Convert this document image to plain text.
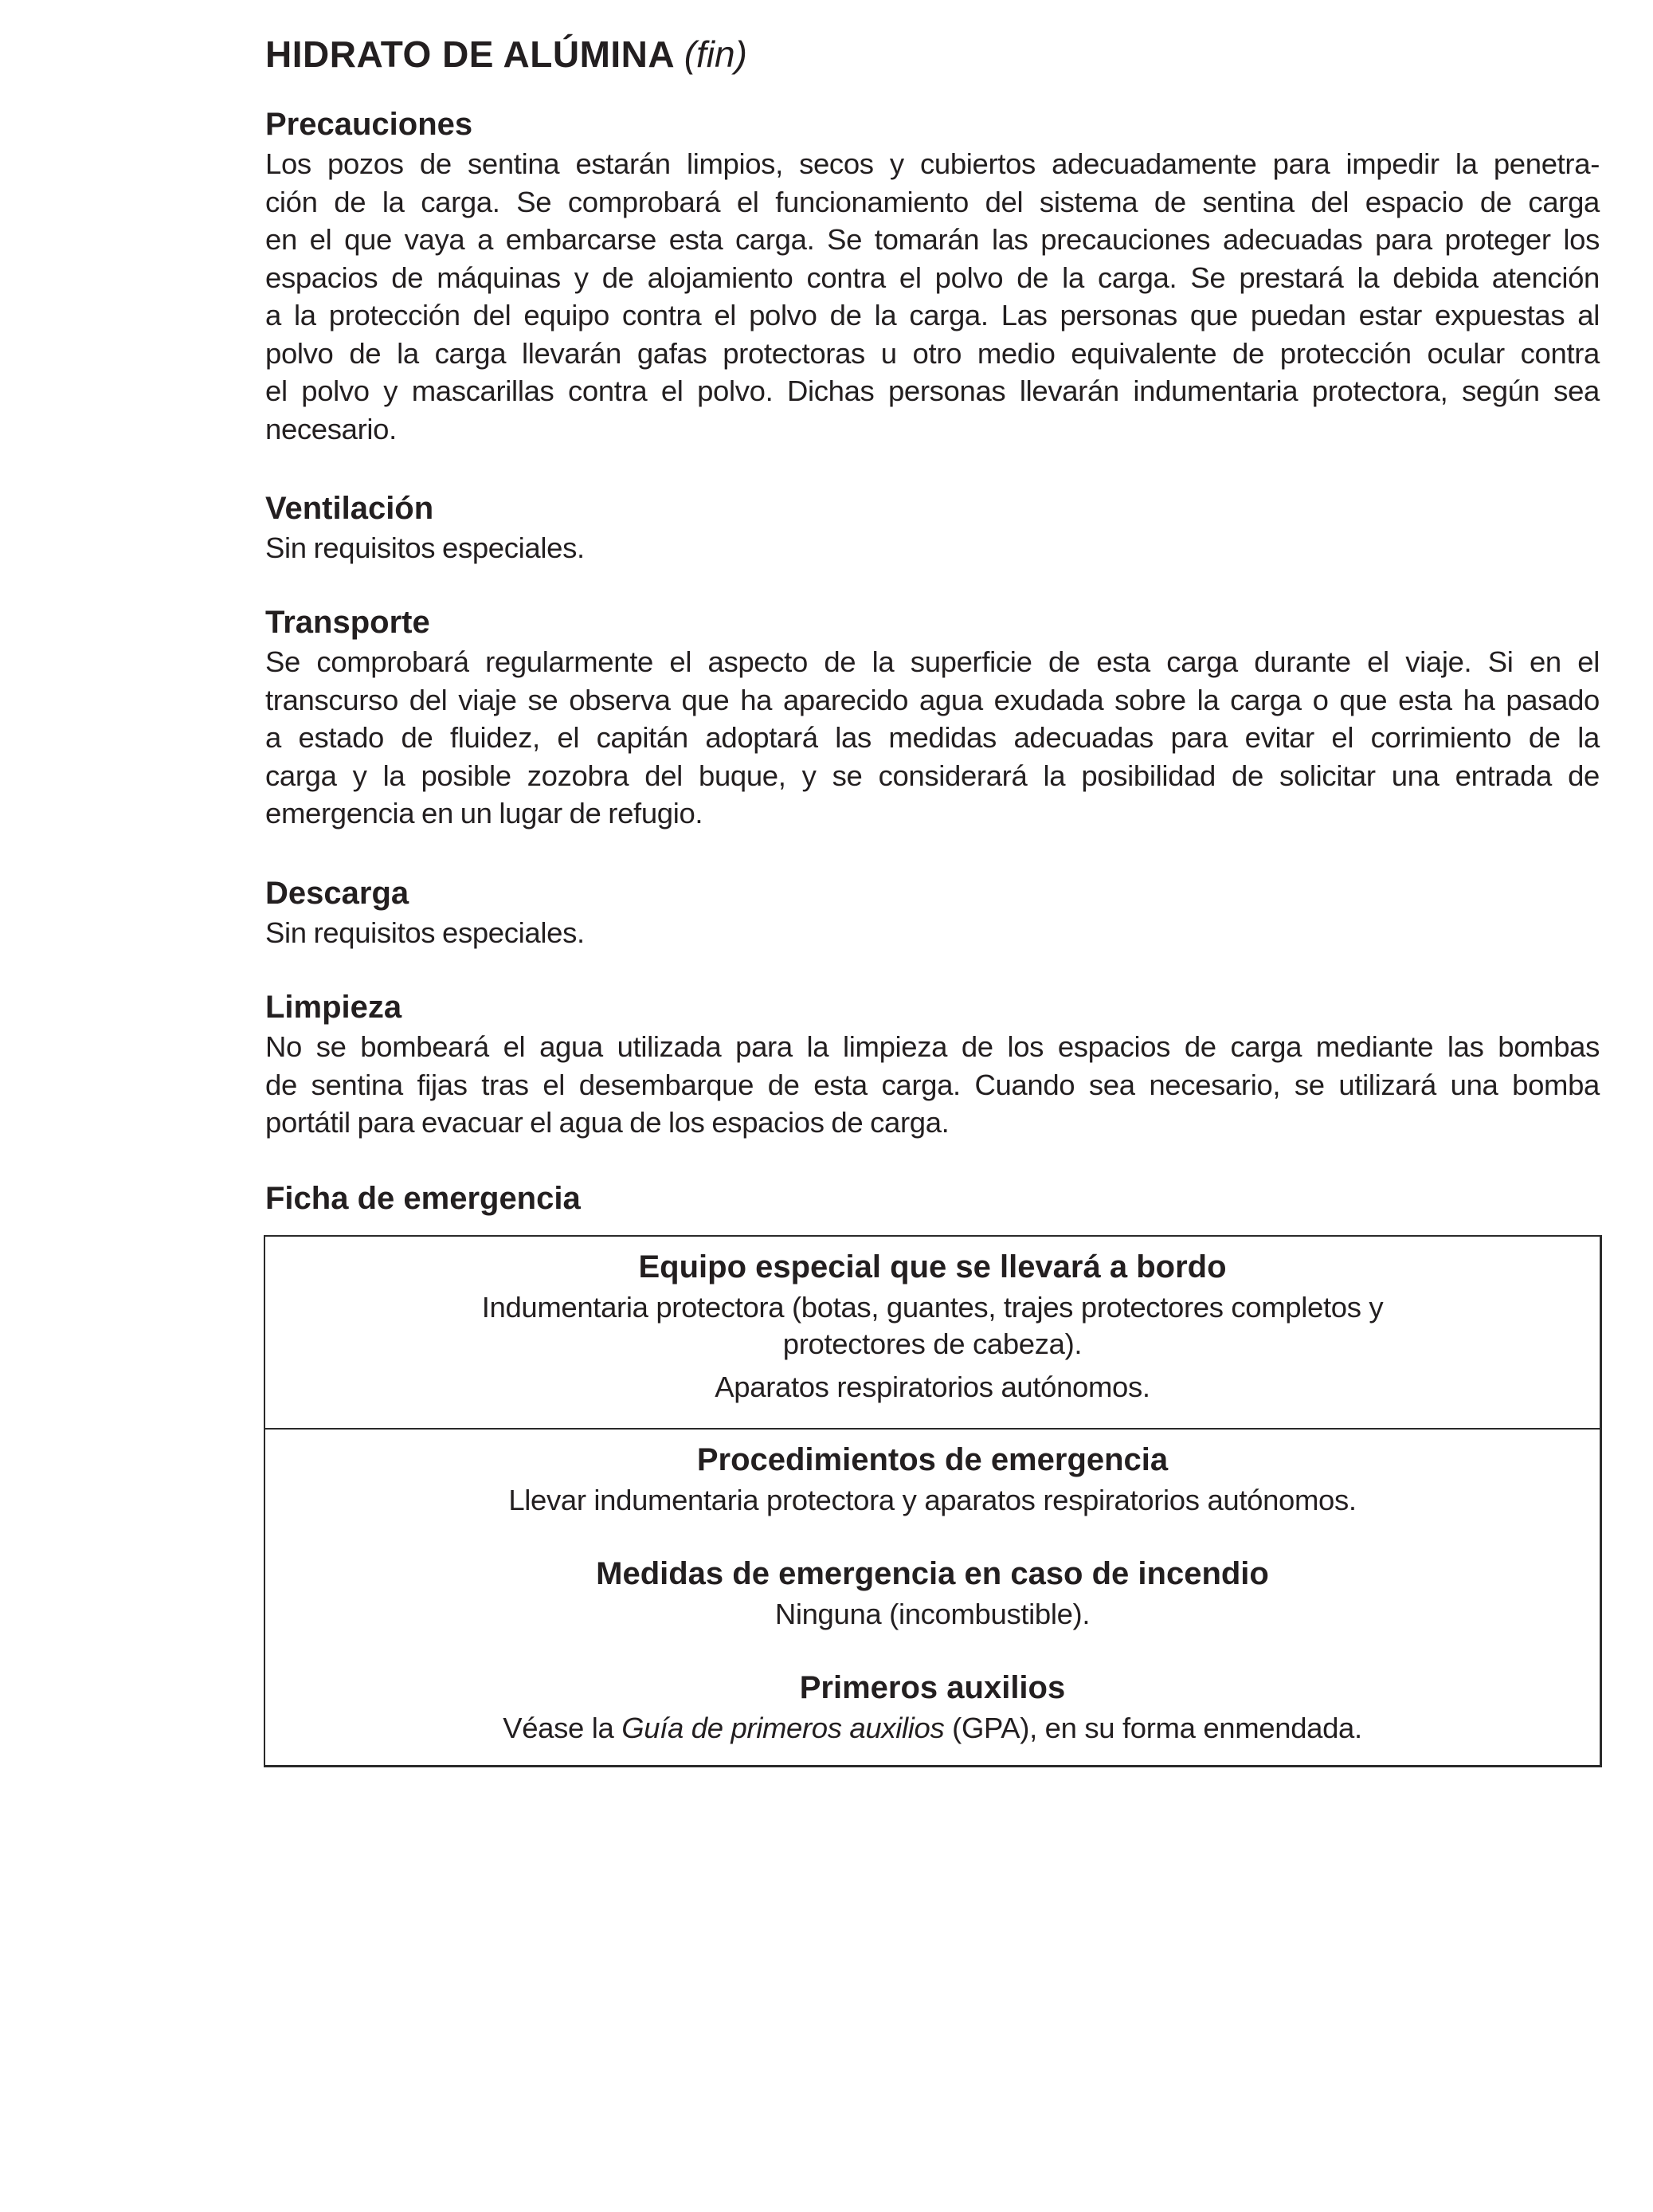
HIDRATO DE ALÚMINA (fin)
Precauciones

Los pozos de sentina estarán limpios, secos y cubiertos adecuadamente para impedir la penetra-
ción de la carga. Se comprobará el funcionamiento del sistema de sentina del espacio de carga
en el que vaya a embarcarse esta carga. Se tomarán las precauciones adecuadas para proteger los
espacios de máquinas y de alojamiento contra el polvo de la carga. Se prestará la debida atención
a la protección del equipo contra el polvo de la carga. Las personas que puedan estar expuestas al
polvo de la carga llevarán gafas protectoras u otro medio equivalente de protección ocular contra
el polvo y mascarillas contra el polvo. Dichas personas llevarán indumentaria protectora, según sea
necesario.

Ventilación

Sin requisitos especiales.

Transporte

Se comprobará regularmente el aspecto de la superficie de esta carga durante el viaje. Si en el
transcurso del viaje se observa que ha aparecido agua exudada sobre la carga o que esta ha pasado
a estado de fluidez, el capitán adoptará las medidas adecuadas para evitar el corrimiento de la
carga y la posible zozobra del buque, y se considerará la posibilidad de solicitar una entrada de
emergencia en un lugar de refugio.

Descarga

Sin requisitos especiales.

Limpieza

No se bombeará el agua utilizada para la limpieza de los espacios de carga mediante las bombas
de sentina fijas tras el desembarque de esta carga. Cuando sea necesario, se utilizará una bomba
portátil para evacuar el agua de los espacios de carga.

Ficha de emergencia
Equipo especial que se llevará a bordo
Indumentaria protectora (botas, guantes, trajes protectores completos y
protectores de cabeza).
Aparatos respiratorios autónomos.
Procedimientos de emergencia
Llevar indumentaria protectora y aparatos respiratorios autónomos.
Medidas de emergencia en caso de incendio
Ninguna (incombustible).
Primeros auxilios
Véase la Guía de primeros auxilios (GPA), en su forma enmendada.
